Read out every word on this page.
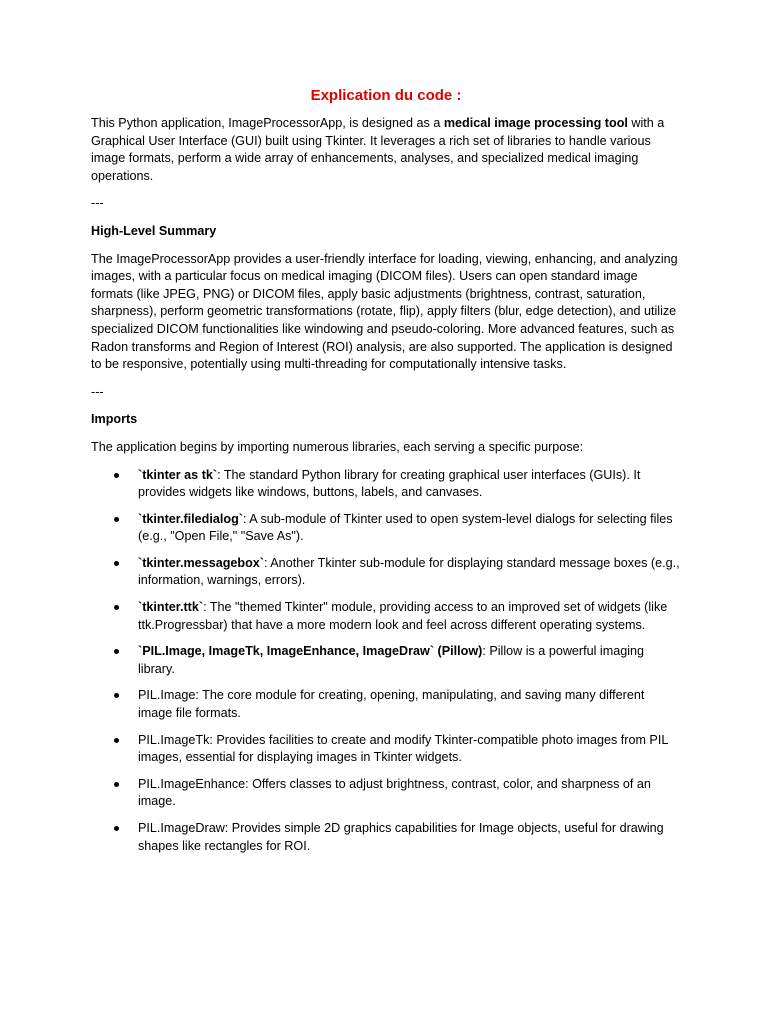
Explication du code :

This Python application, ImageProcessorApp, is designed as a medical image processing tool with a Graphical User Interface (GUI) built using Tkinter. It leverages a rich set of libraries to handle various image formats, perform a wide array of enhancements, analyses, and specialized medical imaging operations.

---
High-Level Summary

The ImageProcessorApp provides a user-friendly interface for loading, viewing, enhancing, and analyzing images, with a particular focus on medical imaging (DICOM files). Users can open standard image formats (like JPEG, PNG) or DICOM files, apply basic adjustments (brightness, contrast, saturation, sharpness), perform geometric transformations (rotate, flip), apply filters (blur, edge detection), and utilize specialized DICOM functionalities like windowing and pseudo-coloring. More advanced features, such as Radon transforms and Region of Interest (ROI) analysis, are also supported. The application is designed to be responsive, potentially using multi-threading for computationally intensive tasks.

---
Imports

The application begins by importing numerous libraries, each serving a specific purpose:

`tkinter as tk`: The standard Python library for creating graphical user interfaces (GUIs). It provides widgets like windows, buttons, labels, and canvases.
`tkinter.filedialog`: A sub-module of Tkinter used to open system-level dialogs for selecting files (e.g., "Open File," "Save As").
`tkinter.messagebox`: Another Tkinter sub-module for displaying standard message boxes (e.g., information, warnings, errors).
`tkinter.ttk`: The "themed Tkinter" module, providing access to an improved set of widgets (like ttk.Progressbar) that have a more modern look and feel across different operating systems.
`PIL.Image, ImageTk, ImageEnhance, ImageDraw` (Pillow): Pillow is a powerful imaging library.
PIL.Image: The core module for creating, opening, manipulating, and saving many different image file formats.
PIL.ImageTk: Provides facilities to create and modify Tkinter-compatible photo images from PIL images, essential for displaying images in Tkinter widgets.
PIL.ImageEnhance: Offers classes to adjust brightness, contrast, color, and sharpness of an image.
PIL.ImageDraw: Provides simple 2D graphics capabilities for Image objects, useful for drawing shapes like rectangles for ROI.
